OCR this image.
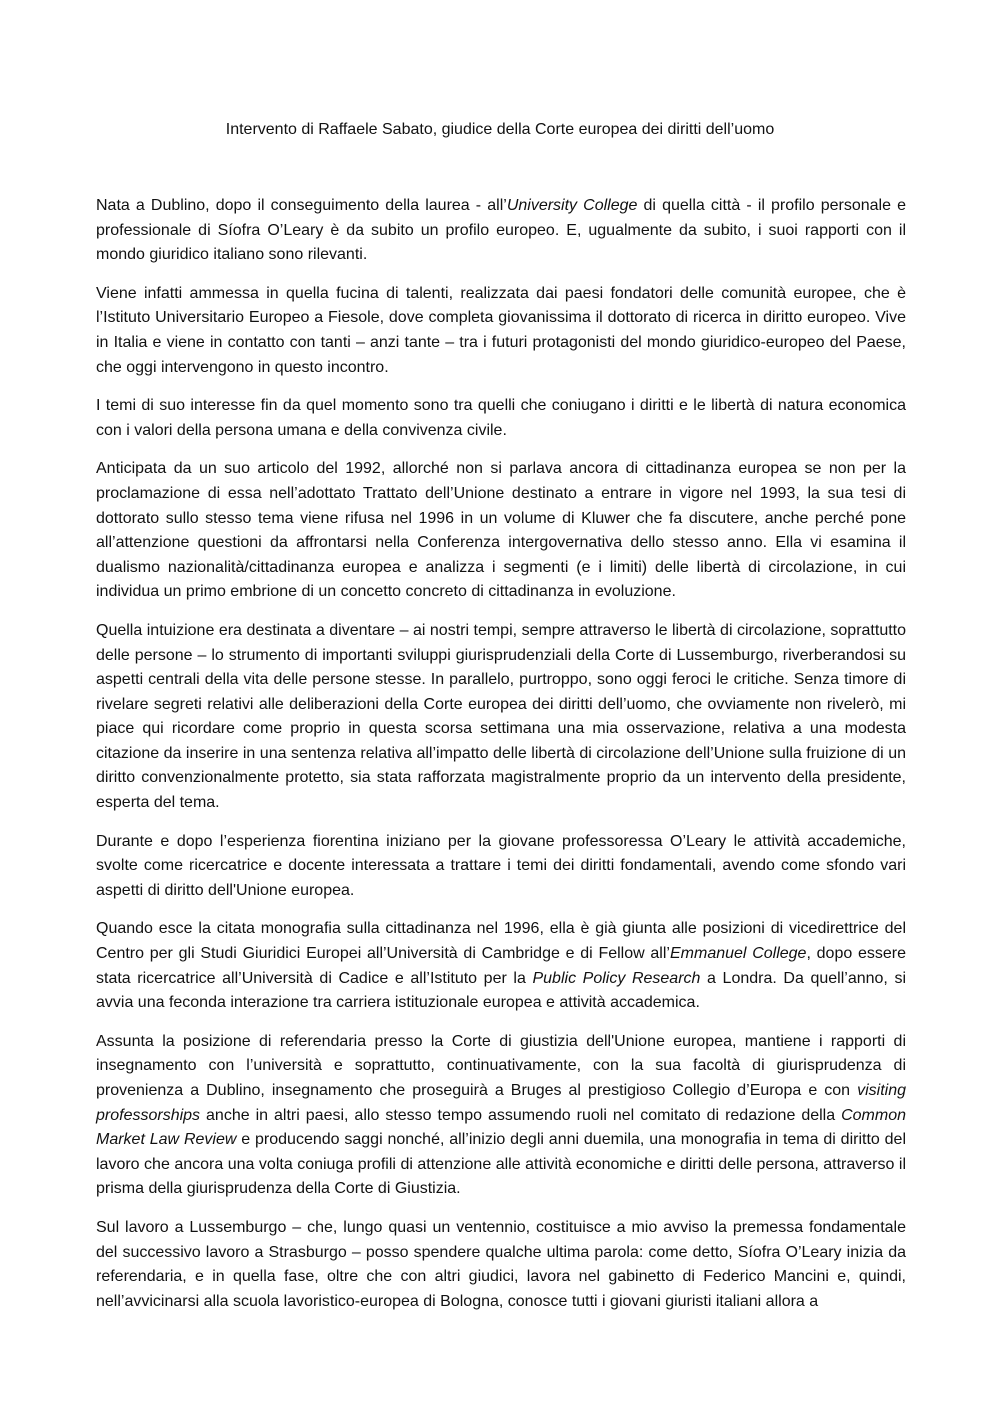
Intervento di Raffaele Sabato, giudice della Corte europea dei diritti dell’uomo

Nata a Dublino, dopo il conseguimento della laurea - all’University College di quella città - il profilo personale e professionale di Síofra O’Leary è da subito un profilo europeo. E, ugualmente da subito, i suoi rapporti con il mondo giuridico italiano sono rilevanti.

Viene infatti ammessa in quella fucina di talenti, realizzata dai paesi fondatori delle comunità europee, che è l’Istituto Universitario Europeo a Fiesole, dove completa giovanissima il dottorato di ricerca in diritto europeo. Vive in Italia e viene in contatto con tanti – anzi tante – tra i futuri protagonisti del mondo giuridico-europeo del Paese, che oggi intervengono in questo incontro.

I temi di suo interesse fin da quel momento sono tra quelli che coniugano i diritti e le libertà di natura economica con i valori della persona umana e della convivenza civile.

Anticipata da un suo articolo del 1992, allorché non si parlava ancora di cittadinanza europea se non per la proclamazione di essa nell’adottato Trattato dell’Unione destinato a entrare in vigore nel 1993, la sua tesi di dottorato sullo stesso tema viene rifusa nel 1996 in un volume di Kluwer che fa discutere, anche perché pone all’attenzione questioni da affrontarsi nella Conferenza intergovernativa dello stesso anno. Ella vi esamina il dualismo nazionalità/cittadinanza europea e analizza i segmenti (e i limiti) delle libertà di circolazione, in cui individua un primo embrione di un concetto concreto di cittadinanza in evoluzione.

Quella intuizione era destinata a diventare – ai nostri tempi, sempre attraverso le libertà di circolazione, soprattutto delle persone – lo strumento di importanti sviluppi giurisprudenziali della Corte di Lussemburgo, riverberandosi su aspetti centrali della vita delle persone stesse. In parallelo, purtroppo, sono oggi feroci le critiche. Senza timore di rivelare segreti relativi alle deliberazioni della Corte europea dei diritti dell’uomo, che ovviamente non rivelerò, mi piace qui ricordare come proprio in questa scorsa settimana una mia osservazione, relativa a una modesta citazione da inserire in una sentenza relativa all’impatto delle libertà di circolazione dell’Unione sulla fruizione di un diritto convenzionalmente protetto, sia stata rafforzata magistralmente proprio da un intervento della presidente, esperta del tema.

Durante e dopo l’esperienza fiorentina iniziano per la giovane professoressa O’Leary le attività accademiche, svolte come ricercatrice e docente interessata a trattare i temi dei diritti fondamentali, avendo come sfondo vari aspetti di diritto dell'Unione europea.

Quando esce la citata monografia sulla cittadinanza nel 1996, ella è già giunta alle posizioni di vicedirettrice del Centro per gli Studi Giuridici Europei all’Università di Cambridge e di Fellow all’Emmanuel College, dopo essere stata ricercatrice all’Università di Cadice e all’Istituto per la Public Policy Research a Londra. Da quell’anno, si avvia una feconda interazione tra carriera istituzionale europea e attività accademica.

Assunta la posizione di referendaria presso la Corte di giustizia dell'Unione europea, mantiene i rapporti di insegnamento con l’università e soprattutto, continuativamente, con la sua facoltà di giurisprudenza di provenienza a Dublino, insegnamento che proseguirà a Bruges al prestigioso Collegio d’Europa e con visiting professorships anche in altri paesi, allo stesso tempo assumendo ruoli nel comitato di redazione della Common Market Law Review e producendo saggi nonché, all’inizio degli anni duemila, una monografia in tema di diritto del lavoro che ancora una volta coniuga profili di attenzione alle attività economiche e diritti delle persona, attraverso il prisma della giurisprudenza della Corte di Giustizia.

Sul lavoro a Lussemburgo – che, lungo quasi un ventennio, costituisce a mio avviso la premessa fondamentale del successivo lavoro a Strasburgo – posso spendere qualche ultima parola: come detto, Síofra O’Leary inizia da referendaria, e in quella fase, oltre che con altri giudici, lavora nel gabinetto di Federico Mancini e, quindi, nell’avvicinarsi alla scuola lavoristico-europea di Bologna, conosce tutti i giovani giuristi italiani allora a
